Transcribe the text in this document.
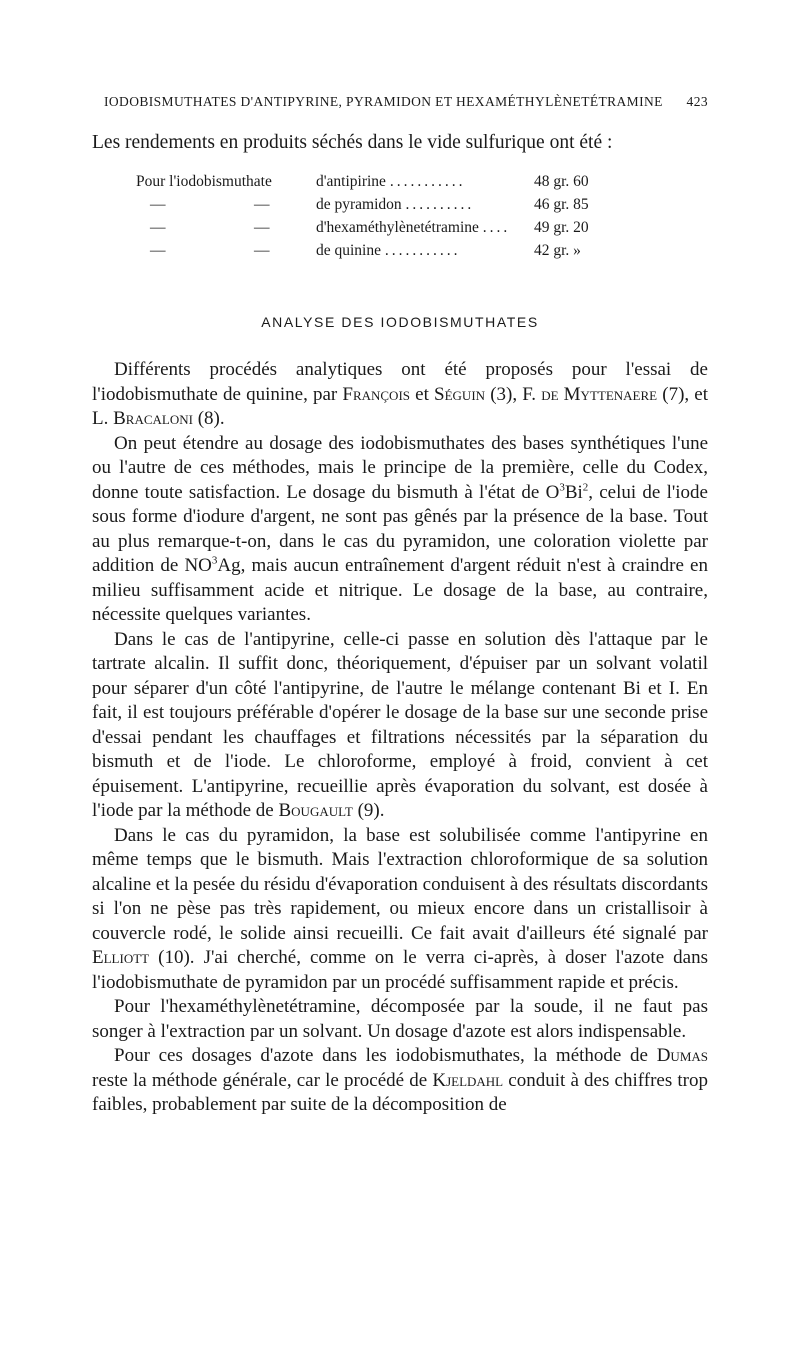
IODOBISMUTHATES D'ANTIPYRINE, PYRAMIDON ET HEXAMÉTHYLÈNETÉTRAMINE 423
Les rendements en produits séchés dans le vide sulfurique ont été :
Pour l'iodobismuthate		d'antipirine ...........	48 gr. 60
—	—	de pyramidon ..........	46 gr. 85
—	—	d'hexaméthylènetétramine ....	49 gr. 20
—	—	de quinine ...........	42 gr. »
ANALYSE DES IODOBISMUTHATES

Différents procédés analytiques ont été proposés pour l'essai de l'iodobismuthate de quinine, par François et Séguin (3), F. de Myttenaere (7), et L. Bracaloni (8).

On peut étendre au dosage des iodobismuthates des bases synthétiques l'une ou l'autre de ces méthodes, mais le principe de la première, celle du Codex, donne toute satisfaction. Le dosage du bismuth à l'état de $O^3Bi^2$, celui de l'iode sous forme d'iodure d'argent, ne sont pas gênés par la présence de la base. Tout au plus remarque-t-on, dans le cas du pyramidon, une coloration violette par addition de $NO^3Ag$, mais aucun entraînement d'argent réduit n'est à craindre en milieu suffisamment acide et nitrique. Le dosage de la base, au contraire, nécessite quelques variantes.

Dans le cas de l'antipyrine, celle-ci passe en solution dès l'attaque par le tartrate alcalin. Il suffit donc, théoriquement, d'épuiser par un solvant volatil pour séparer d'un côté l'antipyrine, de l'autre le mélange contenant Bi et I. En fait, il est toujours préférable d'opérer le dosage de la base sur une seconde prise d'essai pendant les chauffages et filtrations nécessités par la séparation du bismuth et de l'iode. Le chloroforme, employé à froid, convient à cet épuisement. L'antipyrine, recueillie après évaporation du solvant, est dosée à l'iode par la méthode de Bougault (9).

Dans le cas du pyramidon, la base est solubilisée comme l'antipyrine en même temps que le bismuth. Mais l'extraction chloroformique de sa solution alcaline et la pesée du résidu d'évaporation conduisent à des résultats discordants si l'on ne pèse pas très rapidement, ou mieux encore dans un cristallisoir à couvercle rodé, le solide ainsi recueilli. Ce fait avait d'ailleurs été signalé par Elliott (10). J'ai cherché, comme on le verra ci-après, à doser l'azote dans l'iodobismuthate de pyramidon par un procédé suffisamment rapide et précis.

Pour l'hexaméthylènetétramine, décomposée par la soude, il ne faut pas songer à l'extraction par un solvant. Un dosage d'azote est alors indispensable.

Pour ces dosages d'azote dans les iodobismuthates, la méthode de Dumas reste la méthode générale, car le procédé de Kjeldahl conduit à des chiffres trop faibles, probablement par suite de la décomposition de
